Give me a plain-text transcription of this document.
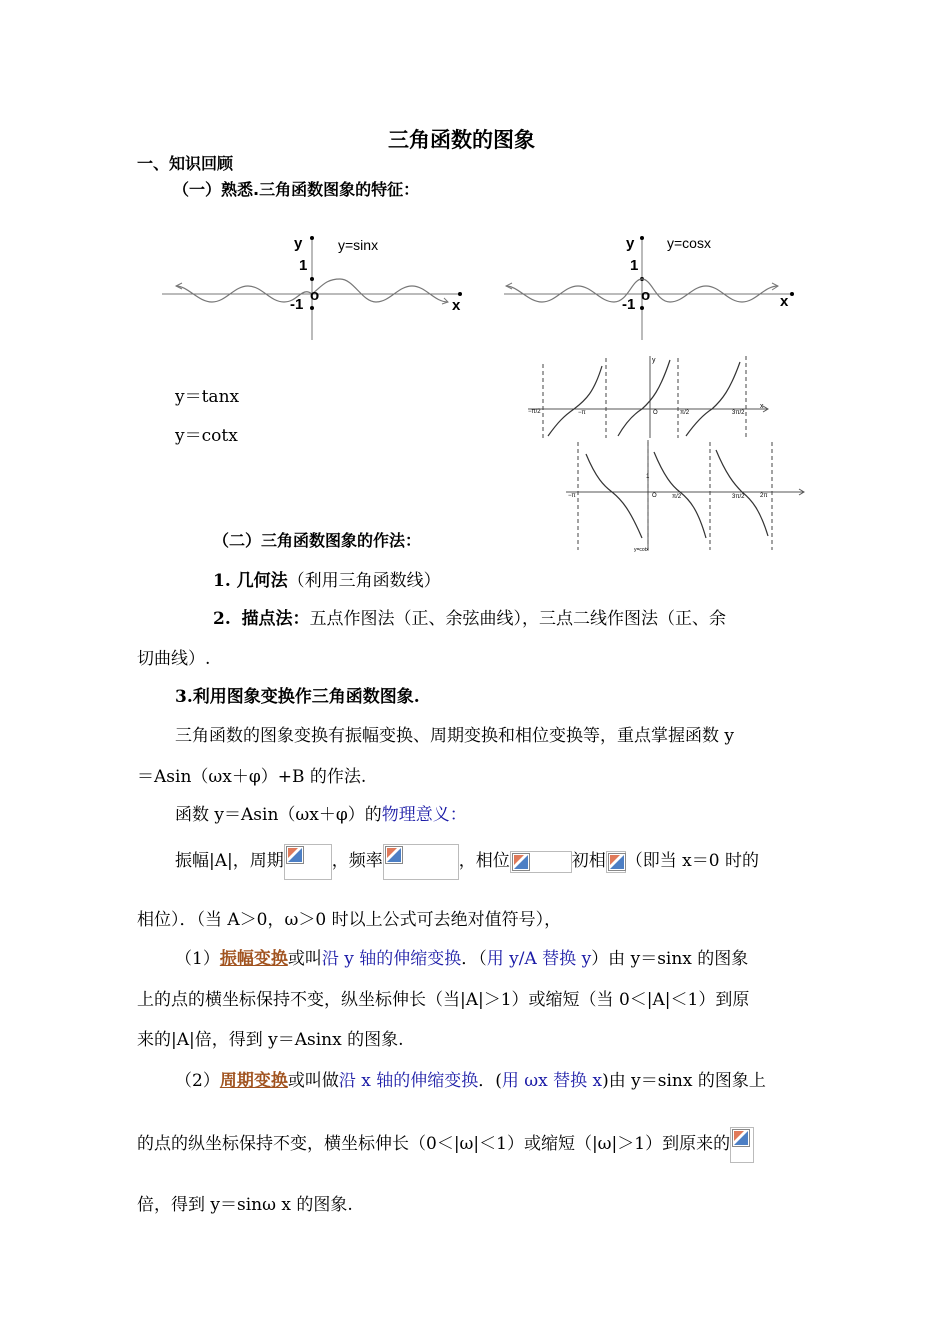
三角函数的图象
一、知识回顾
（一）熟悉.三角函数图象的特征：
y	y=sinx
1
-1
o
x
y y=cosx
1
-1
o	x
y＝tanx
y＝cotx
−π/2	−π	O	π/2	3π/2
x
y
−π	O	π/2	3π/2	2π
1
y=cotx
（二）三角函数图象的作法：
1. 几何法（利用三角函数线）
2. 描点法：五点作图法（正、余弦曲线），三点二线作图法（正、余
切曲线）.
3.利用图象变换作三角函数图象.
三角函数的图象变换有振幅变换、周期变换和相位变换等，重点掌握函数 y
＝Asin（ωx＋φ）+B 的作法.
函数 y＝Asin（ωx＋φ）的物理意义：
振幅|A|，周期	，频率	，相位	初相 （即当 x＝0 时的
相位）．（当 A＞0，ω＞0 时以上公式可去绝对值符号），
（1）振幅变换或叫沿 y 轴的伸缩变换．（用 y/A 替换 y）由 y＝sinx 的图象
上的点的横坐标保持不变，纵坐标伸长（当|A|＞1）或缩短（当 0＜|A|＜1）到原
来的|A|倍，得到 y＝Asinx 的图象.
（2）周期变换或叫做沿 x 轴的伸缩变换．(用 ωx 替换 x)由 y＝sinx 的图象上
的点的纵坐标保持不变，横坐标伸长（0＜|ω|＜1）或缩短（|ω|＞1）到原来的
倍，得到 y＝sinω x 的图象.
